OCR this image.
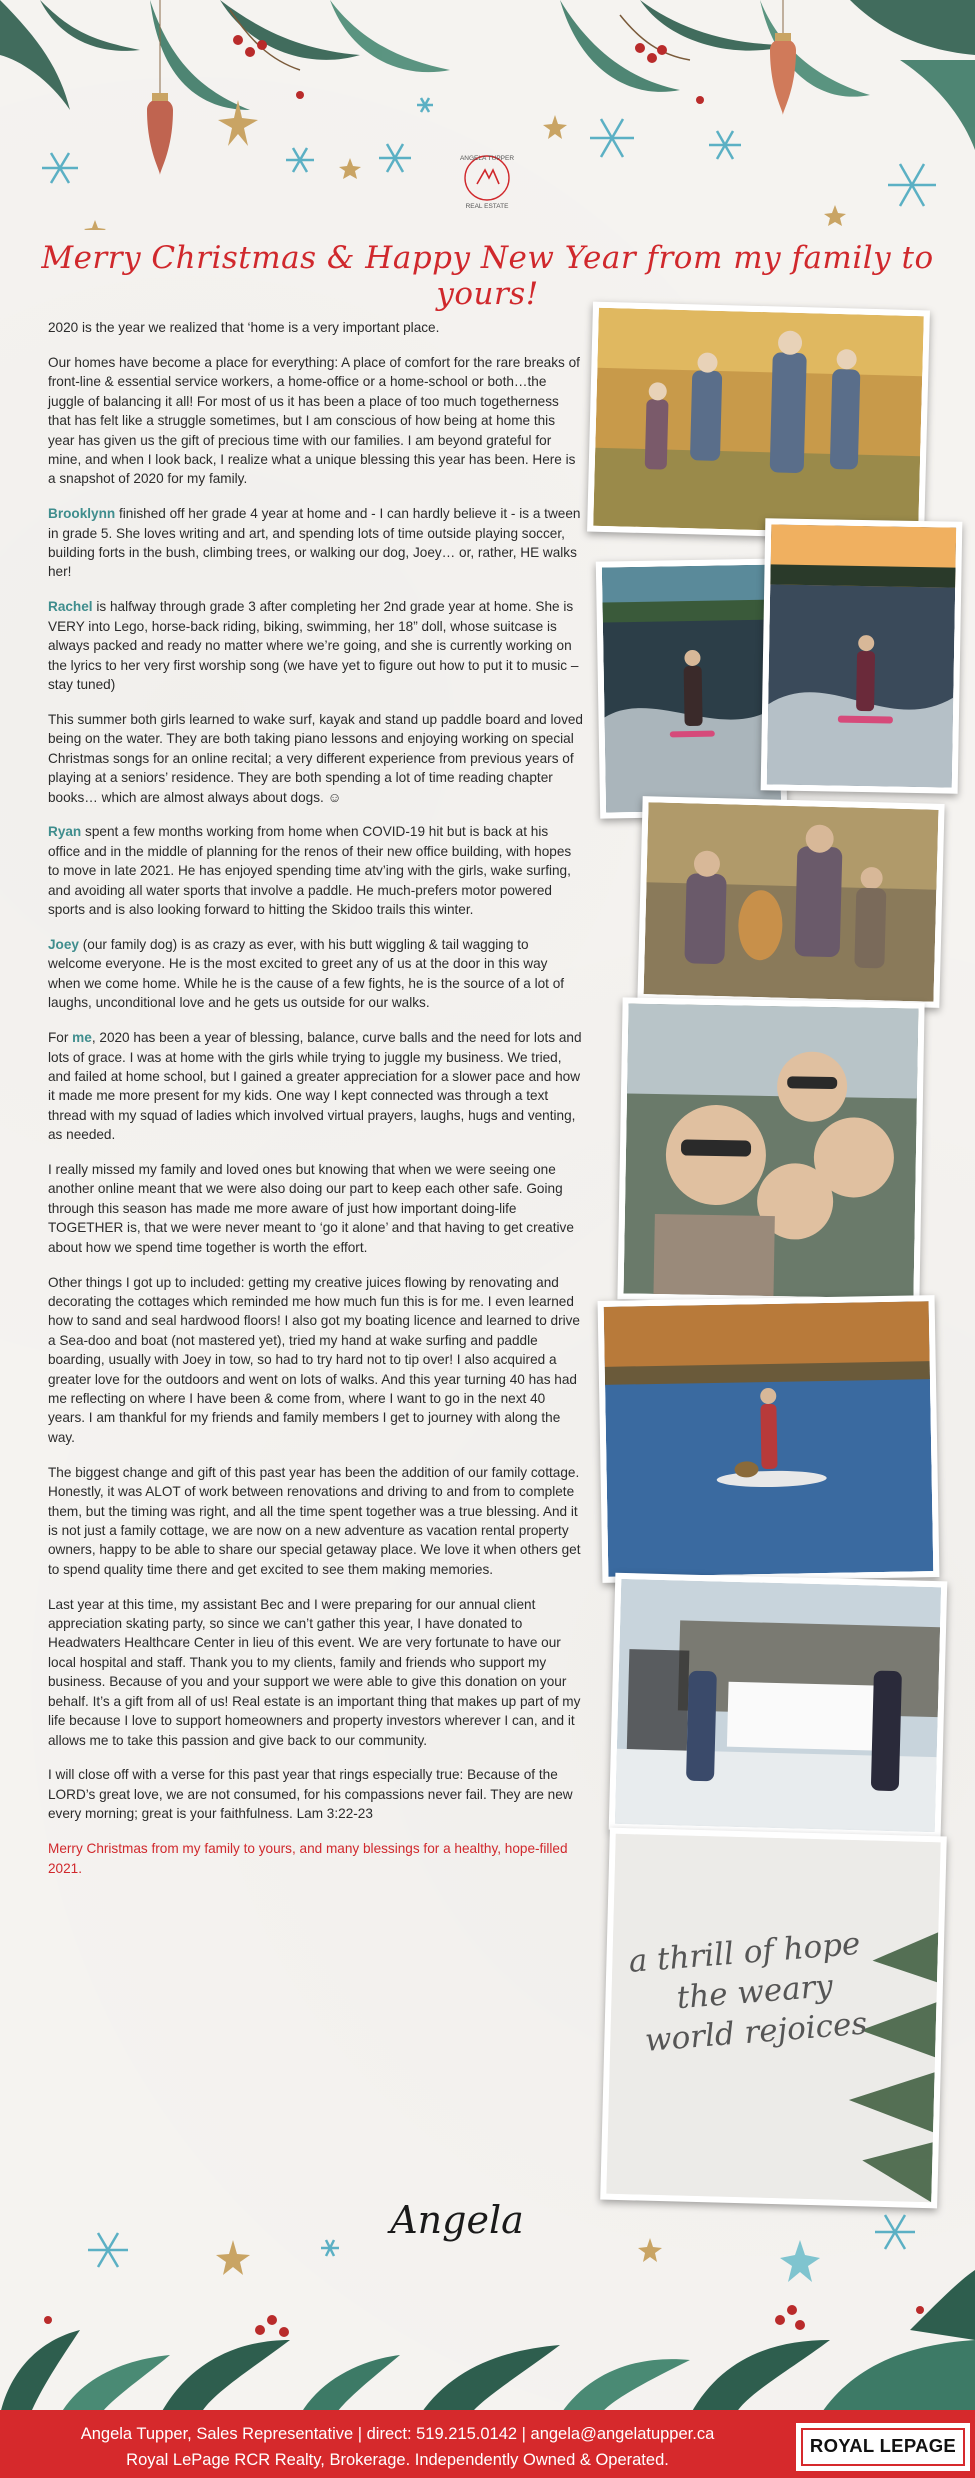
ANGELA TUPPER
REAL ESTATE
Merry Christmas & Happy New Year from my family to yours!

2020 is the year we realized that ‘home is a very important place.

Our homes have become a place for everything: A place of comfort for the rare breaks of front-line & essential service workers, a home-office or a home-school or both…the juggle of balancing it all! For most of us it has been a place of too much togetherness that has felt like a struggle sometimes, but I am conscious of how being at home this year has given us the gift of precious time with our families. I am beyond grateful for mine, and when I look back, I realize what a unique blessing this year has been. Here is a snapshot of 2020 for my family.

Brooklynn finished off her grade 4 year at home and - I can hardly believe it - is a tween in grade 5. She loves writing and art, and spending lots of time outside playing soccer, building forts in the bush, climbing trees, or walking our dog, Joey… or, rather, HE walks her!

Rachel is halfway through grade 3 after completing her 2nd grade year at home. She is VERY into Lego, horse-back riding, biking, swimming, her 18” doll, whose suitcase is always packed and ready no matter where we’re going, and she is currently working on the lyrics to her very first worship song (we have yet to figure out how to put it to music – stay tuned)

This summer both girls learned to wake surf, kayak and stand up paddle board and loved being on the water. They are both taking piano lessons and enjoying working on special Christmas songs for an online recital; a very different experience from previous years of playing at a seniors’ residence. They are both spending a lot of time reading chapter books… which are almost always about dogs. ☺

Ryan spent a few months working from home when COVID-19 hit but is back at his office and in the middle of planning for the renos of their new office building, with hopes to move in late 2021. He has enjoyed spending time atv’ing with the girls, wake surfing, and avoiding all water sports that involve a paddle. He much-prefers motor powered sports and is also looking forward to hitting the Skidoo trails this winter.

Joey (our family dog) is as crazy as ever, with his butt wiggling & tail wagging to welcome everyone. He is the most excited to greet any of us at the door in this way when we come home. While he is the cause of a few fights, he is the source of a lot of laughs, unconditional love and he gets us outside for our walks.

For me, 2020 has been a year of blessing, balance, curve balls and the need for lots and lots of grace. I was at home with the girls while trying to juggle my business. We tried, and failed at home school, but I gained a greater appreciation for a slower pace and how it made me more present for my kids. One way I kept connected was through a text thread with my squad of ladies which involved virtual prayers, laughs, hugs and venting, as needed.

I really missed my family and loved ones but knowing that when we were seeing one another online meant that we were also doing our part to keep each other safe. Going through this season has made me more aware of just how important doing-life TOGETHER is, that we were never meant to ‘go it alone’ and that having to get creative about how we spend time together is worth the effort.

Other things I got up to included: getting my creative juices flowing by renovating and decorating the cottages which reminded me how much fun this is for me. I even learned how to sand and seal hardwood floors! I also got my boating licence and learned to drive a Sea-doo and boat (not mastered yet), tried my hand at wake surfing and paddle boarding, usually with Joey in tow, so had to try hard not to tip over! I also acquired a greater love for the outdoors and went on lots of walks. And this year turning 40 has had me reflecting on where I have been & come from, where I want to go in the next 40 years. I am thankful for my friends and family members I get to journey with along the way.

The biggest change and gift of this past year has been the addition of our family cottage. Honestly, it was ALOT of work between renovations and driving to and from to complete them, but the timing was right, and all the time spent together was a true blessing. And it is not just a family cottage, we are now on a new adventure as vacation rental property owners, happy to be able to share our special getaway place. We love it when others get to spend quality time there and get excited to see them making memories.

Last year at this time, my assistant Bec and I were preparing for our annual client appreciation skating party, so since we can’t gather this year, I have donated to Headwaters Healthcare Center in lieu of this event. We are very fortunate to have our local hospital and staff. Thank you to my clients, family and friends who support my business. Because of you and your support we were able to give this donation on your behalf. It’s a gift from all of us! Real estate is an important thing that makes up part of my life because I love to support homeowners and property investors wherever I can, and it allows me to take this passion and give back to our community.

I will close off with a verse for this past year that rings especially true: Because of the LORD’s great love, we are not consumed, for his compassions never fail. They are new every morning; great is your faithfulness. Lam 3:22-23

Merry Christmas from my family to yours, and many blessings for a healthy, hope-filled 2021.

a thrill of hope
the weary
world rejoices
Angela
Angela Tupper, Sales Representative | direct: 519.215.0142 | angela@angelatupper.ca
Royal LePage RCR Realty, Brokerage. Independently Owned & Operated.
ROYAL LEPAGE
